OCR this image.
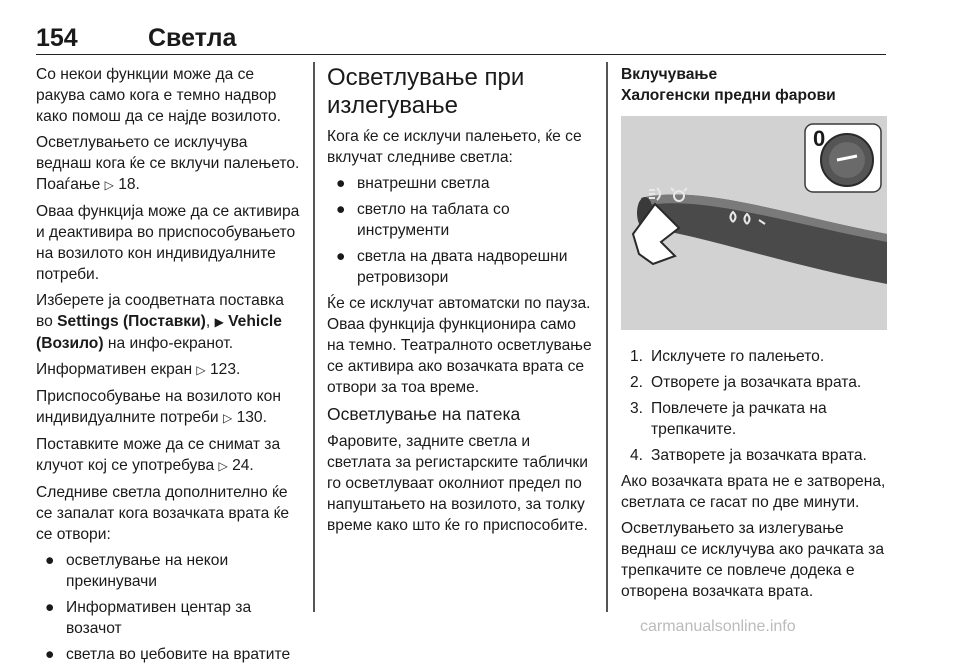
154	Светла

Со некои функции може да се ракува само кога е темно надвор како помош да се најде возилото.

Осветлувањето се исклучува веднаш кога ќе се вклучи палењето. Поаѓање ▷ 18.

Оваа функција може да се активира и деактивира во приспособувањето на возилото кон индивидуалните потреби.

Изберете ја соодветната поставка во Settings (Поставки), ▶ Vehicle (Возило) на инфо-екранот.

Информативен екран ▷ 123.

Приспособување на возилото кон индивидуалните потреби ▷ 130.

Поставките може да се снимат за клучот кој се употребува ▷ 24.

Следниве светла дополнително ќе се запалат кога возачката врата ќе се отвори:

● осветлување на некои прекинувачи
● Информативен центар за возачот
● светла во џебовите на вратите
Осветлување при излегување

Кога ќе се исклучи палењето, ќе се вклучат следниве светла:

● внатрешни светла
● светло на таблата со инструменти
● светла на двата надворешни ретровизори

Ќе се исклучат автоматски по пауза. Оваа функција функционира само на темно. Театралното осветлување се активира ако возачката врата се отвори за тоа време.

Осветлување на патека

Фаровите, задните светла и светлата за регистарските таблички го осветлуваат околниот предел по напуштањето на возилото, за толку време како што ќе го приспособите.

Вклучување
Халогенски предни фарови
0
1. Исклучете го палењето.
2. Отворете ја возачката врата.
3. Повлечете ја рачката на трепкачите.
4. Затворете ја возачката врата.

Ако возачката врата не е затворена, светлата се гасат по две минути.

Осветлувањето за излегување веднаш се исклучува ако рачката за трепкачите се повлече додека е отворена возачката врата.

carmanualsonline.info
